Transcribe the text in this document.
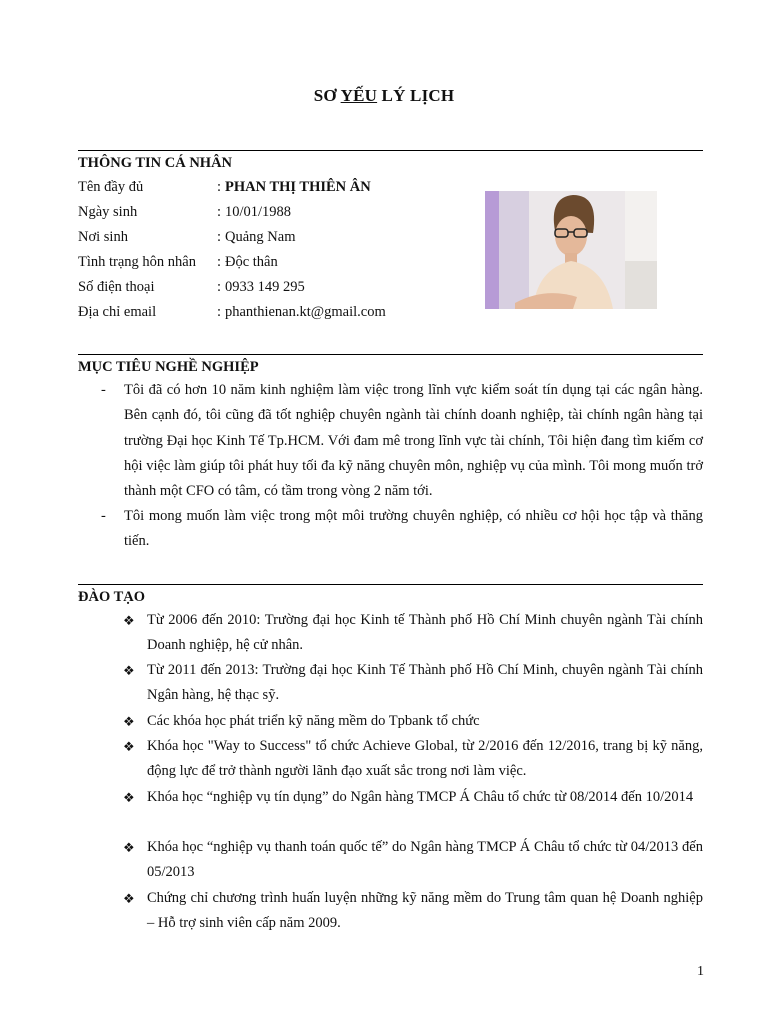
SƠ YẾU LÝ LỊCH
THÔNG TIN CÁ NHÂN
Tên đầy đủ	: PHAN THỊ THIÊN ÂN
Ngày sinh	: 10/01/1988
Nơi sinh	: Quảng Nam
Tình trạng hôn nhân : Độc thân
Số điện thoại	: 0933 149 295
Địa chỉ email	: phanthienan.kt@gmail.com
MỤC TIÊU NGHỀ NGHIỆP
- Tôi đã có hơn 10 năm kinh nghiệm làm việc trong lĩnh vực kiểm soát tín dụng tại các ngân hàng. Bên cạnh đó, tôi cũng đã tốt nghiệp chuyên ngành tài chính doanh nghiệp, tài chính ngân hàng tại trường Đại học Kinh Tế Tp.HCM. Với đam mê trong lĩnh vực tài chính, Tôi hiện đang tìm kiếm cơ hội việc làm giúp tôi phát huy tối đa kỹ năng chuyên môn, nghiệp vụ của mình. Tôi mong muốn trở thành một CFO có tâm, có tầm trong vòng 2 năm tới.
- Tôi mong muốn làm việc trong một môi trường chuyên nghiệp, có nhiều cơ hội học tập và thăng tiến.
ĐÀO TẠO
❖ Từ 2006 đến 2010: Trường đại học Kinh tế Thành phố Hồ Chí Minh chuyên ngành Tài chính Doanh nghiệp, hệ cử nhân.
❖ Từ 2011 đến 2013: Trường đại học Kinh Tế Thành phố Hồ Chí Minh, chuyên ngành Tài chính Ngân hàng, hệ thạc sỹ.
❖ Các khóa học phát triển kỹ năng mềm do Tpbank tổ chức
❖ Khóa học "Way to Success" tổ chức Achieve Global, từ 2/2016 đến 12/2016, trang bị kỹ năng, động lực để trở thành người lãnh đạo xuất sắc trong nơi làm việc.
❖ Khóa học “nghiệp vụ tín dụng” do Ngân hàng TMCP Á Châu tổ chức từ 08/2014 đến 10/2014
❖ Khóa học “nghiệp vụ thanh toán quốc tế” do Ngân hàng TMCP Á Châu tổ chức từ 04/2013 đến 05/2013
❖ Chứng chỉ chương trình huấn luyện những kỹ năng mềm do Trung tâm quan hệ Doanh nghiệp – Hỗ trợ sinh viên cấp năm 2009.
1
